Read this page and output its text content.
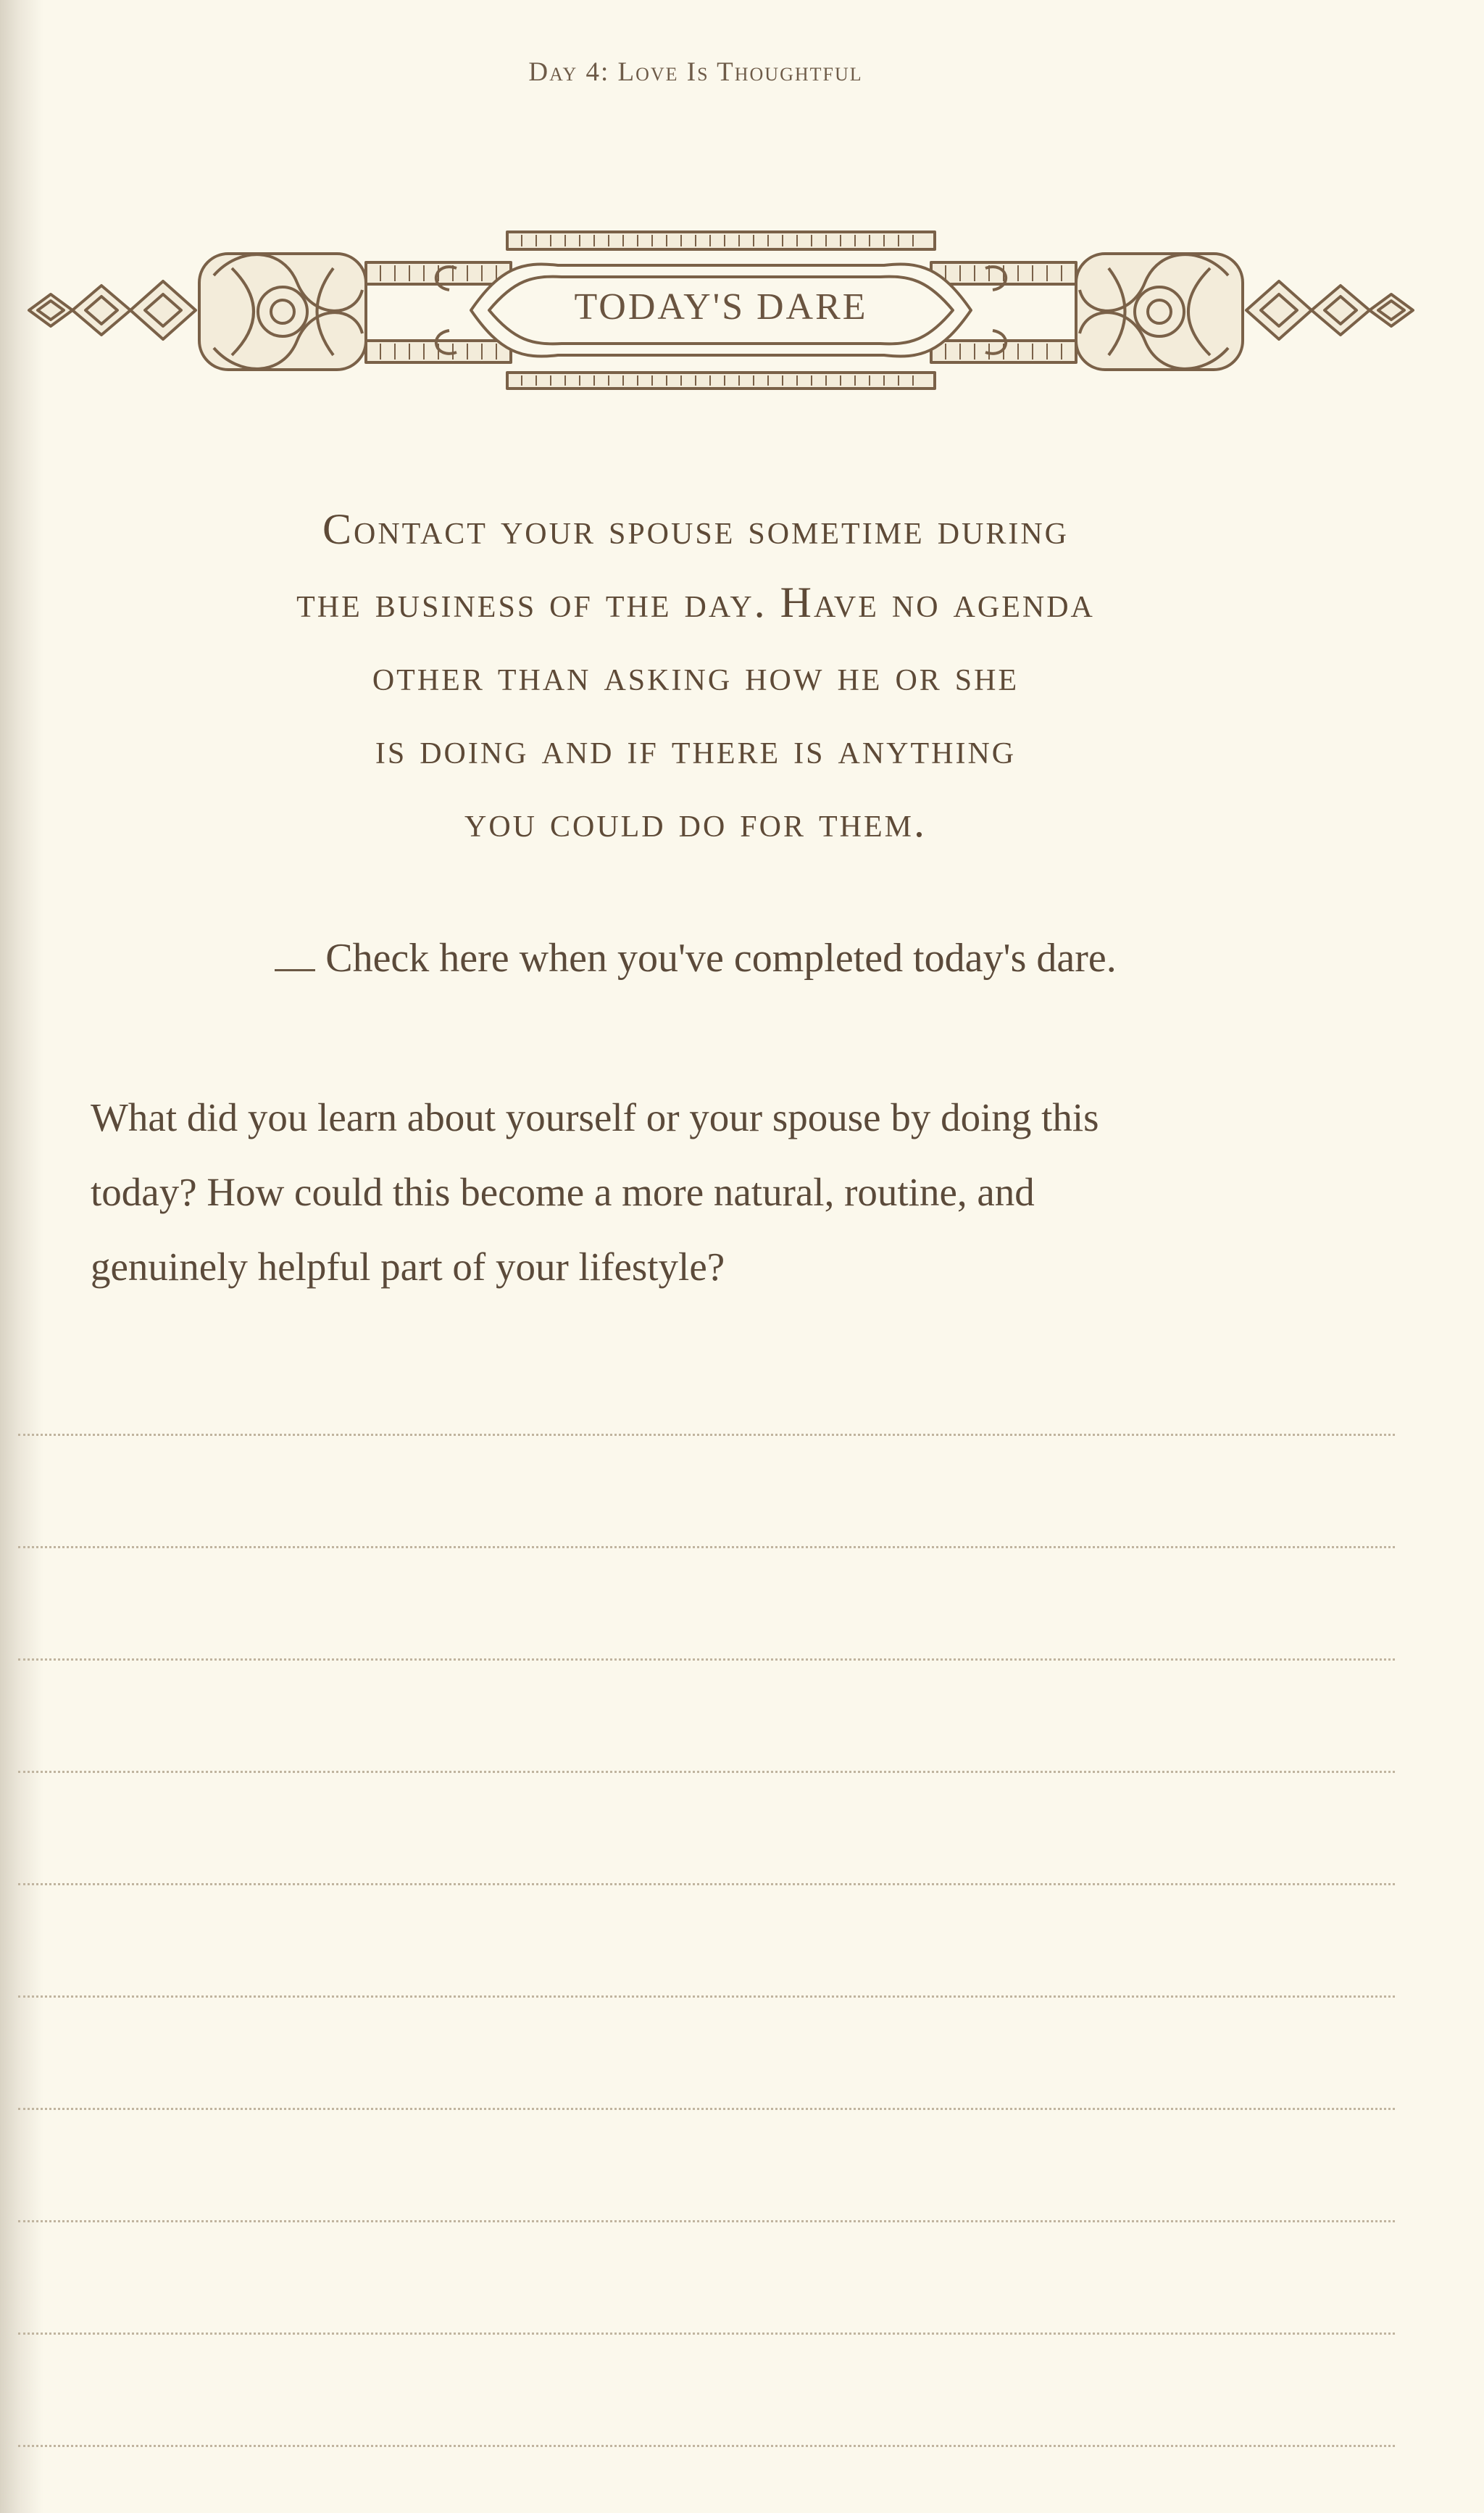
Day 4: Love Is Thoughtful
TODAY'S DARE
Contact your spouse sometime during
the business of the day. Have no agenda
other than asking how he or she
is doing and if there is anything
you could do for them.
Check here when you've completed today's dare.
What did you learn about yourself or your spouse by doing this
today? How could this become a more natural, routine, and
genuinely helpful part of your lifestyle?
